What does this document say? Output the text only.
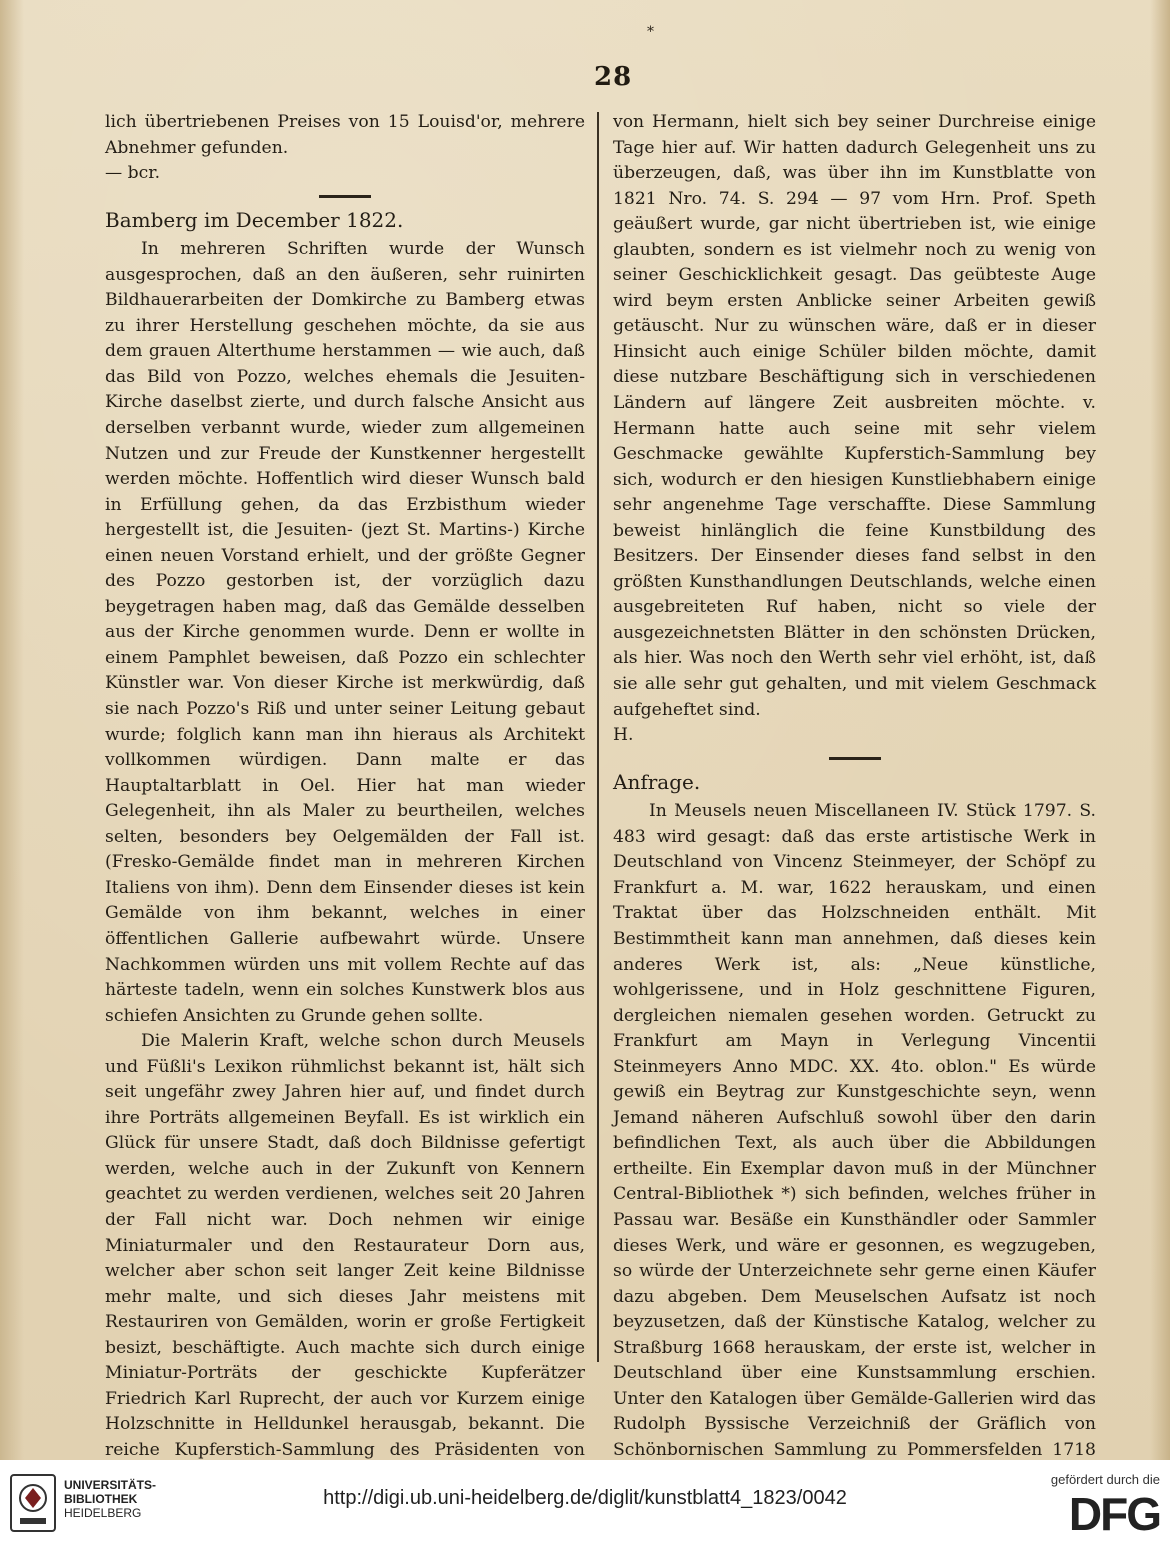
*
28

lich übertriebenen Preises von 15 Louisd'or, mehrere Abnehmer gefunden.

— bcr.

Bamberg im December 1822.

In mehreren Schriften wurde der Wunsch ausgesprochen, daß an den äußeren, sehr ruinirten Bildhauerarbeiten der Domkirche zu Bamberg etwas zu ihrer Herstellung geschehen möchte, da sie aus dem grauen Alterthume herstammen — wie auch, daß das Bild von Pozzo, welches ehemals die Jesuiten-Kirche daselbst zierte, und durch falsche Ansicht aus derselben verbannt wurde, wieder zum allgemeinen Nutzen und zur Freude der Kunstkenner hergestellt werden möchte. Hoffentlich wird dieser Wunsch bald in Erfüllung gehen, da das Erzbisthum wieder hergestellt ist, die Jesuiten- (jezt St. Martins-) Kirche einen neuen Vorstand erhielt, und der größte Gegner des Pozzo gestorben ist, der vorzüglich dazu beygetragen haben mag, daß das Gemälde desselben aus der Kirche genommen wurde. Denn er wollte in einem Pamphlet beweisen, daß Pozzo ein schlechter Künstler war. Von dieser Kirche ist merkwürdig, daß sie nach Pozzo's Riß und unter seiner Leitung gebaut wurde; folglich kann man ihn hieraus als Architekt vollkommen würdigen. Dann malte er das Hauptaltarblatt in Oel. Hier hat man wieder Gelegenheit, ihn als Maler zu beurtheilen, welches selten, besonders bey Oelgemälden der Fall ist. (Fresko-Gemälde findet man in mehreren Kirchen Italiens von ihm). Denn dem Einsender dieses ist kein Gemälde von ihm bekannt, welches in einer öffentlichen Gallerie aufbewahrt würde. Unsere Nachkommen würden uns mit vollem Rechte auf das härteste tadeln, wenn ein solches Kunstwerk blos aus schiefen Ansichten zu Grunde gehen sollte.

Die Malerin Kraft, welche schon durch Meusels und Füßli's Lexikon rühmlichst bekannt ist, hält sich seit ungefähr zwey Jahren hier auf, und findet durch ihre Porträts allgemeinen Beyfall. Es ist wirklich ein Glück für unsere Stadt, daß doch Bildnisse gefertigt werden, welche auch in der Zukunft von Kennern geachtet zu werden verdienen, welches seit 20 Jahren der Fall nicht war. Doch nehmen wir einige Miniaturmaler und den Restaurateur Dorn aus, welcher aber schon seit langer Zeit keine Bildnisse mehr malte, und sich dieses Jahr meistens mit Restauriren von Gemälden, worin er große Fertigkeit besizt, beschäftigte. Auch machte sich durch einige Miniatur-Porträts der geschickte Kupferätzer Friedrich Karl Ruprecht, der auch vor Kurzem einige Holzschnitte in Helldunkel herausgab, bekannt. Die reiche Kupferstich-Sammlung des Präsidenten von

von Hermann, hielt sich bey seiner Durchreise einige Tage hier auf. Wir hatten dadurch Gelegenheit uns zu überzeugen, daß, was über ihn im Kunstblatte von 1821 Nro. 74. S. 294 — 97 vom Hrn. Prof. Speth geäußert wurde, gar nicht übertrieben ist, wie einige glaubten, sondern es ist vielmehr noch zu wenig von seiner Geschicklichkeit gesagt. Das geübteste Auge wird beym ersten Anblicke seiner Arbeiten gewiß getäuscht. Nur zu wünschen wäre, daß er in dieser Hinsicht auch einige Schüler bilden möchte, damit diese nutzbare Beschäftigung sich in verschiedenen Ländern auf längere Zeit ausbreiten möchte. v. Hermann hatte auch seine mit sehr vielem Geschmacke gewählte Kupferstich-Sammlung bey sich, wodurch er den hiesigen Kunstliebhabern einige sehr angenehme Tage verschaffte. Diese Sammlung beweist hinlänglich die feine Kunstbildung des Besitzers. Der Einsender dieses fand selbst in den größten Kunsthandlungen Deutschlands, welche einen ausgebreiteten Ruf haben, nicht so viele der ausgezeichnetsten Blätter in den schönsten Drücken, als hier. Was noch den Werth sehr viel erhöht, ist, daß sie alle sehr gut gehalten, und mit vielem Geschmack aufgeheftet sind.

H.

Anfrage.

In Meusels neuen Miscellaneen IV. Stück 1797. S. 483 wird gesagt: daß das erste artistische Werk in Deutschland von Vincenz Steinmeyer, der Schöpf zu Frankfurt a. M. war, 1622 herauskam, und einen Traktat über das Holzschneiden enthält. Mit Bestimmtheit kann man annehmen, daß dieses kein anderes Werk ist, als: „Neue künstliche, wohlgerissene, und in Holz geschnittene Figuren, dergleichen niemalen gesehen worden. Getruckt zu Frankfurt am Mayn in Verlegung Vincentii Steinmeyers Anno MDC. XX. 4to. oblon." Es würde gewiß ein Beytrag zur Kunstgeschichte seyn, wenn Jemand näheren Aufschluß sowohl über den darin befindlichen Text, als auch über die Abbildungen ertheilte. Ein Exemplar davon muß in der Münchner Central-Bibliothek *) sich befinden, welches früher in Passau war. Besäße ein Kunsthändler oder Sammler dieses Werk, und wäre er gesonnen, es wegzugeben, so würde der Unterzeichnete sehr gerne einen Käufer dazu abgeben. Dem Meuselschen Aufsatz ist noch beyzusetzen, daß der Künstische Katalog, welcher zu Straßburg 1668 herauskam, der erste ist, welcher in Deutschland über eine Kunstsammlung erschien. Unter den Katalogen über Gemälde-Gallerien wird das Rudolph Byssische Verzeichniß der Gräflich von Schönbornischen Sammlung zu Pommersfelden 1718

UNIVERSITÄTS-
BIBLIOTHEK
HEIDELBERG
http://digi.ub.uni-heidelberg.de/diglit/kunstblatt4_1823/0042
gefördert durch die
DFG
